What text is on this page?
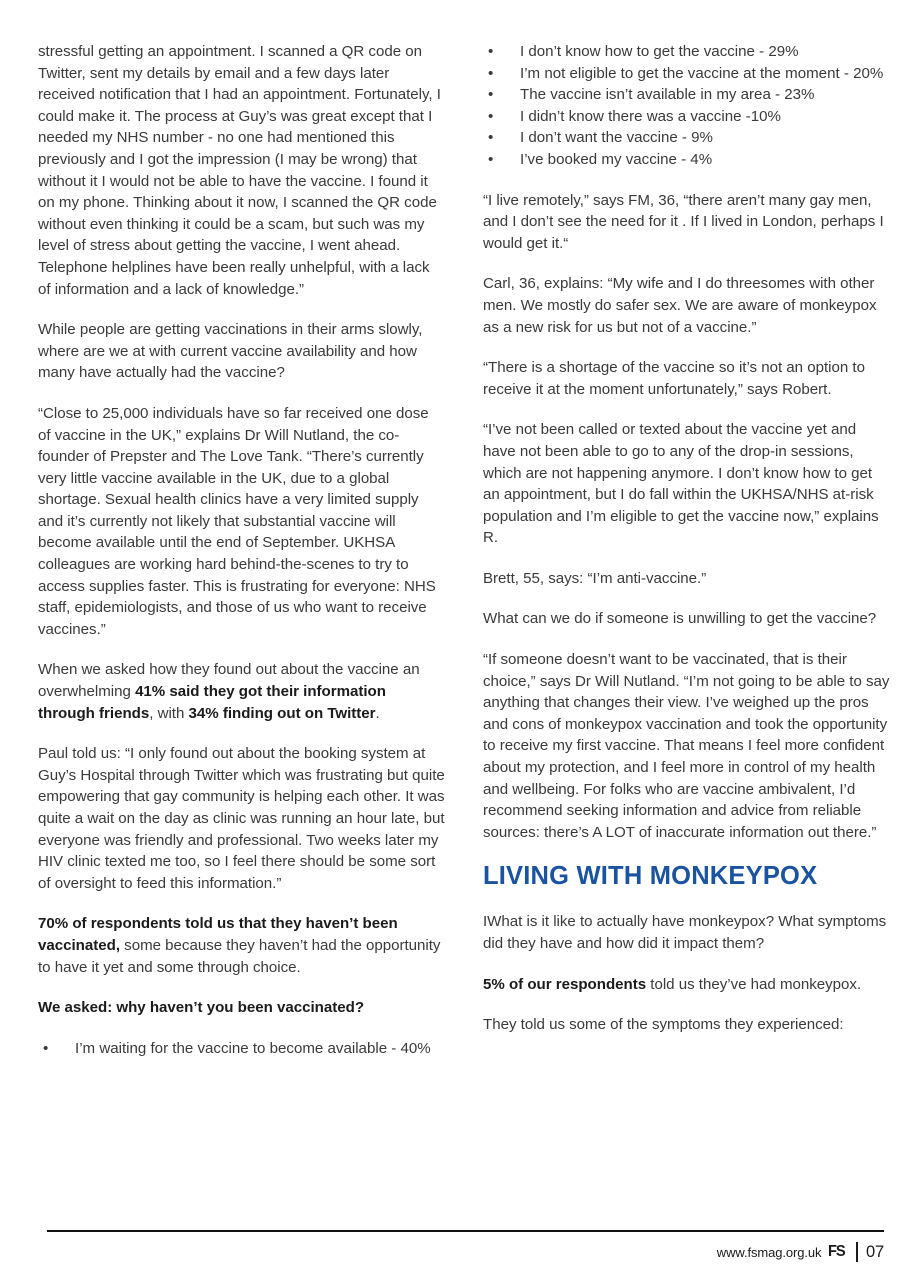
stressful getting an appointment. I scanned a QR code on Twitter, sent my details by email and a few days later received notification that I had an appointment. Fortunately, I could make it. The process at Guy’s was great except that I needed my NHS number - no one had mentioned this previously and I got the impression (I may be wrong) that without it I would not be able to have the vaccine. I found it on my phone. Thinking about it now, I scanned the QR code without even thinking it could be a scam, but such was my level of stress about getting the vaccine, I went ahead. Telephone helplines have been really unhelpful, with a lack of information and a lack of knowledge.”

While people are getting vaccinations in their arms slowly, where are we at with current vaccine availability and how many have actually had the vaccine?

“Close to 25,000 individuals have so far received one dose of vaccine in the UK,” explains Dr Will Nutland, the co-founder of Prepster and The Love Tank. “There’s currently very little vaccine available in the UK, due to a global shortage. Sexual health clinics have a very limited supply and it’s currently not likely that substantial vaccine will become available until the end of September. UKHSA colleagues are working hard behind-the-scenes to try to access supplies faster. This is frustrating for everyone: NHS staff, epidemiologists, and those of us who want to receive vaccines.”

When we asked how they found out about the vaccine an overwhelming 41% said they got their information through friends, with 34% finding out on Twitter.

Paul told us: “I only found out about the booking system at Guy’s Hospital through Twitter which was frustrating but quite empowering that gay community is helping each other. It was quite a wait on the day as clinic was running an hour late, but everyone was friendly and professional. Two weeks later my HIV clinic texted me too, so I feel there should be some sort of oversight to feed this information.”

70% of respondents told us that they haven’t been vaccinated, some because they haven’t had the opportunity to have it yet and some through choice.

We asked: why haven’t you been vaccinated?

• I’m waiting for the vaccine to become available - 40%
• I don’t know how to get the vaccine - 29%
• I’m not eligible to get the vaccine at the moment - 20%
• The vaccine isn’t available in my area - 23%
• I didn’t know there was a vaccine -10%
• I don’t want the vaccine - 9%
• I’ve booked my vaccine - 4%

“I live remotely,” says FM, 36, “there aren’t many gay men, and I don’t see the need for it . If I lived in London, perhaps I would get it.“

Carl, 36, explains: “My wife and I do threesomes with other men. We mostly do safer sex. We are aware of monkeypox as a new risk for us but not of a vaccine.”

“There is a shortage of the vaccine so it’s not an option to receive it at the moment unfortunately,” says Robert.

“I’ve not been called or texted about the vaccine yet and have not been able to go to any of the drop-in sessions, which are not happening anymore. I don’t know how to get an appointment, but I do fall within the UKHSA/NHS at-risk population and I’m eligible to get the vaccine now,” explains R.

Brett, 55, says: “I’m anti-vaccine.”

What can we do if someone is unwilling to get the vaccine?

“If someone doesn’t want to be vaccinated, that is their choice,” says Dr Will Nutland. “I’m not going to be able to say anything that changes their view. I’ve weighed up the pros and cons of monkeypox vaccination and took the opportunity to receive my first vaccine. That means I feel more confident about my protection, and I feel more in control of my health and wellbeing. For folks who are vaccine ambivalent, I’d recommend seeking information and advice from reliable sources: there’s A LOT of inaccurate information out there.”

LIVING WITH MONKEYPOX

IWhat is it like to actually have monkeypox? What symptoms did they have and how did it impact them?

5% of our respondents told us they’ve had monkeypox.

They told us some of the symptoms they experienced:

www.fsmag.org.uk FS 07
